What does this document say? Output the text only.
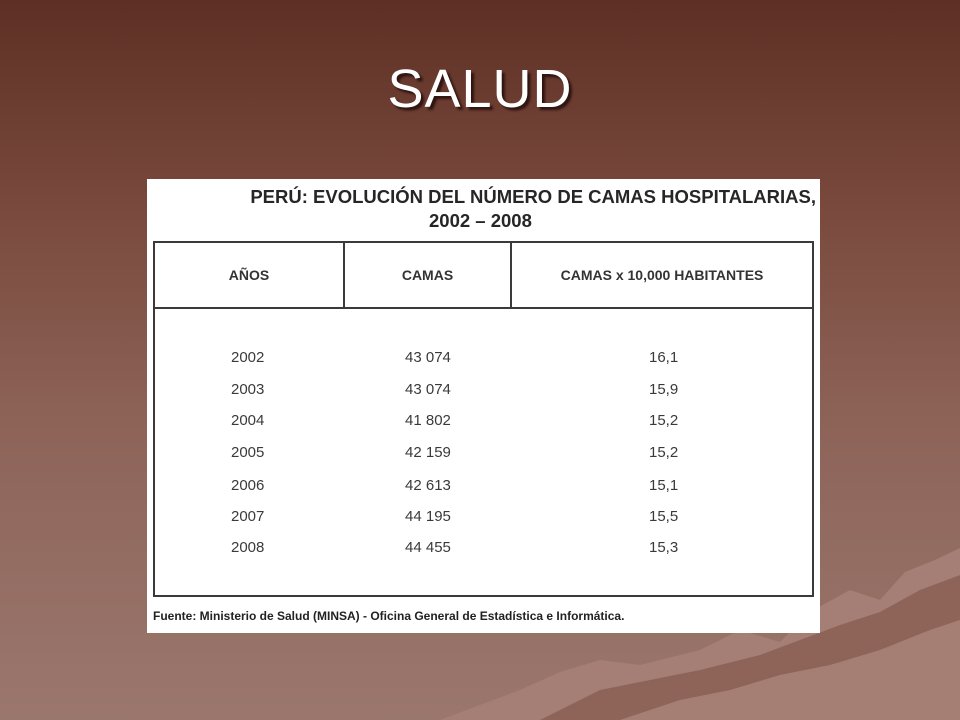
SALUD
PERÚ: EVOLUCIÓN DEL NÚMERO DE CAMAS HOSPITALARIAS,
2002 – 2008
AÑOS	CAMAS	CAMAS x 10,000 HABITANTES
2002	43 074	16,1
2003	43 074	15,9
2004	41 802	15,2
2005	42 159	15,2
2006	42 613	15,1
2007	44 195	15,5
2008	44 455	15,3
Fuente: Ministerio de Salud (MINSA) - Oficina General de Estadística e Informática.
